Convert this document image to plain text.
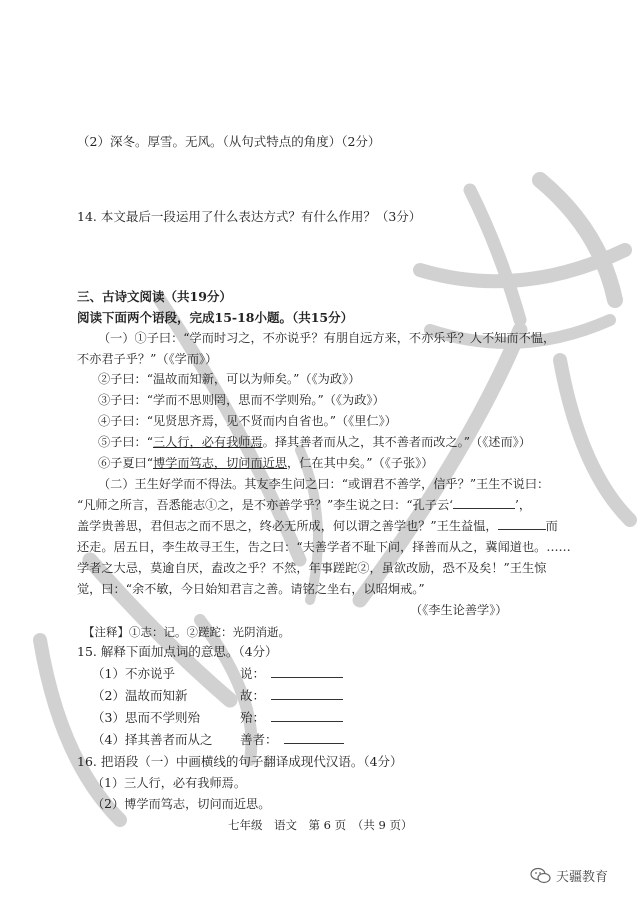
（2）深冬。厚雪。无风。（从句式特点的角度）（2分）
14. 本文最后一段运用了什么表达方式？有什么作用？（3分）
三、古诗文阅读（共19分）
阅读下面两个语段，完成15-18小题。（共15分）
（一）①子曰：“学而时习之，不亦说乎？有朋自远方来，不亦乐乎？人不知而不愠，
不亦君子乎？”（《学而》）
②子曰：“温故而知新，可以为师矣。”（《为政》）
③子曰：“学而不思则罔，思而不学则殆。”（《为政》）
④子曰：“见贤思齐焉，见不贤而内自省也。”（《里仁》）
⑤子曰：“三人行，必有我师焉。择其善者而从之，其不善者而改之。”（《述而》）
⑥子夏曰“博学而笃志，切问而近思，仁在其中矣。”（《子张》）
（二）王生好学而不得法。其友李生问之曰：“或谓君不善学，信乎？”王生不说曰：
“凡师之所言，吾悉能志①之，是不亦善学乎？”李生说之曰：“孔子云‘	’，
盖学贵善思，君但志之而不思之，终必无所成，何以谓之善学也？”王生益愠，	而
还走。居五日，李生故寻王生，告之曰：“夫善学者不耻下问，择善而从之，冀闻道也。……
学者之大忌，莫逾自厌，盍改之乎？不然，年事蹉跎②，虽欲改励，恐不及矣！”王生惊
觉，曰：“余不敏，今日始知君言之善。请铭之坐右，以昭炯戒。”
（《李生论善学》）
【注释】①志：记。②蹉跎：光阴消逝。
15. 解释下面加点词的意思。（4分）
（1）不亦说乎	说：
（2）温故而知新	故：
（3）思而不学则殆	殆：
（4）择其善者而从之 善者：
16. 把语段（一）中画横线的句子翻译成现代汉语。（4分）
（1）三人行，必有我师焉。
（2）博学而笃志，切问而近思。
七年级　语文　第 6 页　（共 9 页）
天疆教育
